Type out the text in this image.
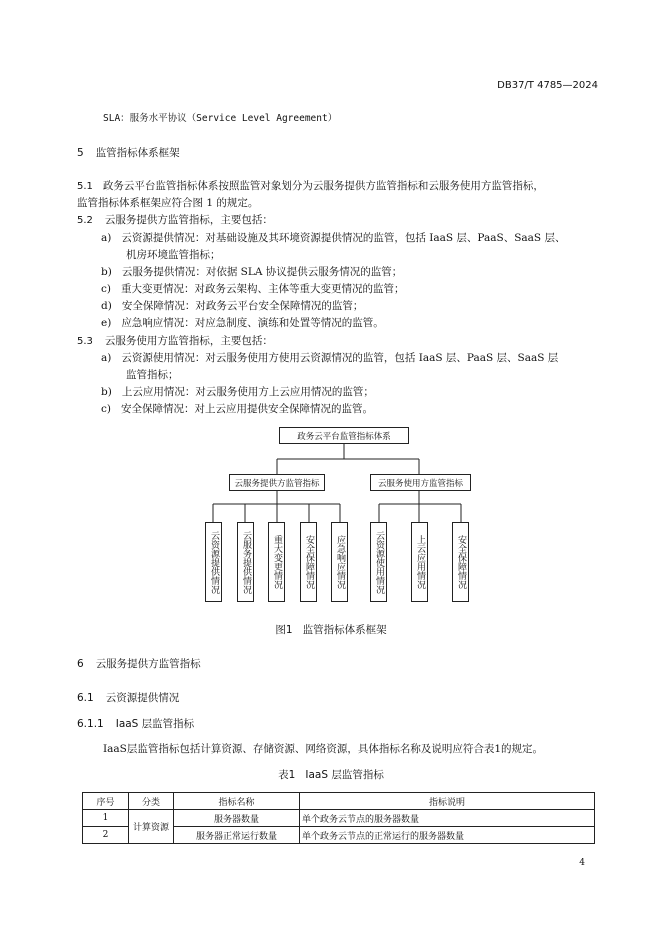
DB37/T 4785—2024
SLA：服务水平协议（Service Level Agreement）
5 监管指标体系框架
5.1 政务云平台监管指标体系按照监管对象划分为云服务提供方监管指标和云服务使用方监管指标，
监管指标体系框架应符合图 1 的规定。
5.2 云服务提供方监管指标，主要包括：
a) 云资源提供情况：对基础设施及其环境资源提供情况的监管，包括 IaaS 层、PaaS、SaaS 层、
机房环境监管指标；
b) 云服务提供情况：对依据 SLA 协议提供云服务情况的监管；
c) 重大变更情况：对政务云架构、主体等重大变更情况的监管；
d) 安全保障情况：对政务云平台安全保障情况的监管；
e) 应急响应情况：对应急制度、演练和处置等情况的监管。
5.3 云服务使用方监管指标，主要包括：
a) 云资源使用情况：对云服务使用方使用云资源情况的监管，包括 IaaS 层、PaaS 层、SaaS 层
监管指标；
b) 上云应用情况：对云服务使用方上云应用情况的监管；
c) 安全保障情况：对上云应用提供安全保障情况的监管。
政务云平台监管指标体系
云服务提供方监管指标	云服务使用方监管指标
云资源提供情况	云服务提供情况	重大变更情况	安全保障情况	应急响应情况	云资源使用情况	上云应用情况	安全保障情况
图1 监管指标体系框架
6 云服务提供方监管指标
6.1 云资源提供情况
6.1.1 IaaS 层监管指标
IaaS层监管指标包括计算资源、存储资源、网络资源，具体指标名称及说明应符合表1的规定。
表1 IaaS 层监管指标
序号	分类	指标名称	指标说明
1	计算资源	服务器数量	单个政务云节点的服务器数量
2		服务器正常运行数量	单个政务云节点的正常运行的服务器数量
4
